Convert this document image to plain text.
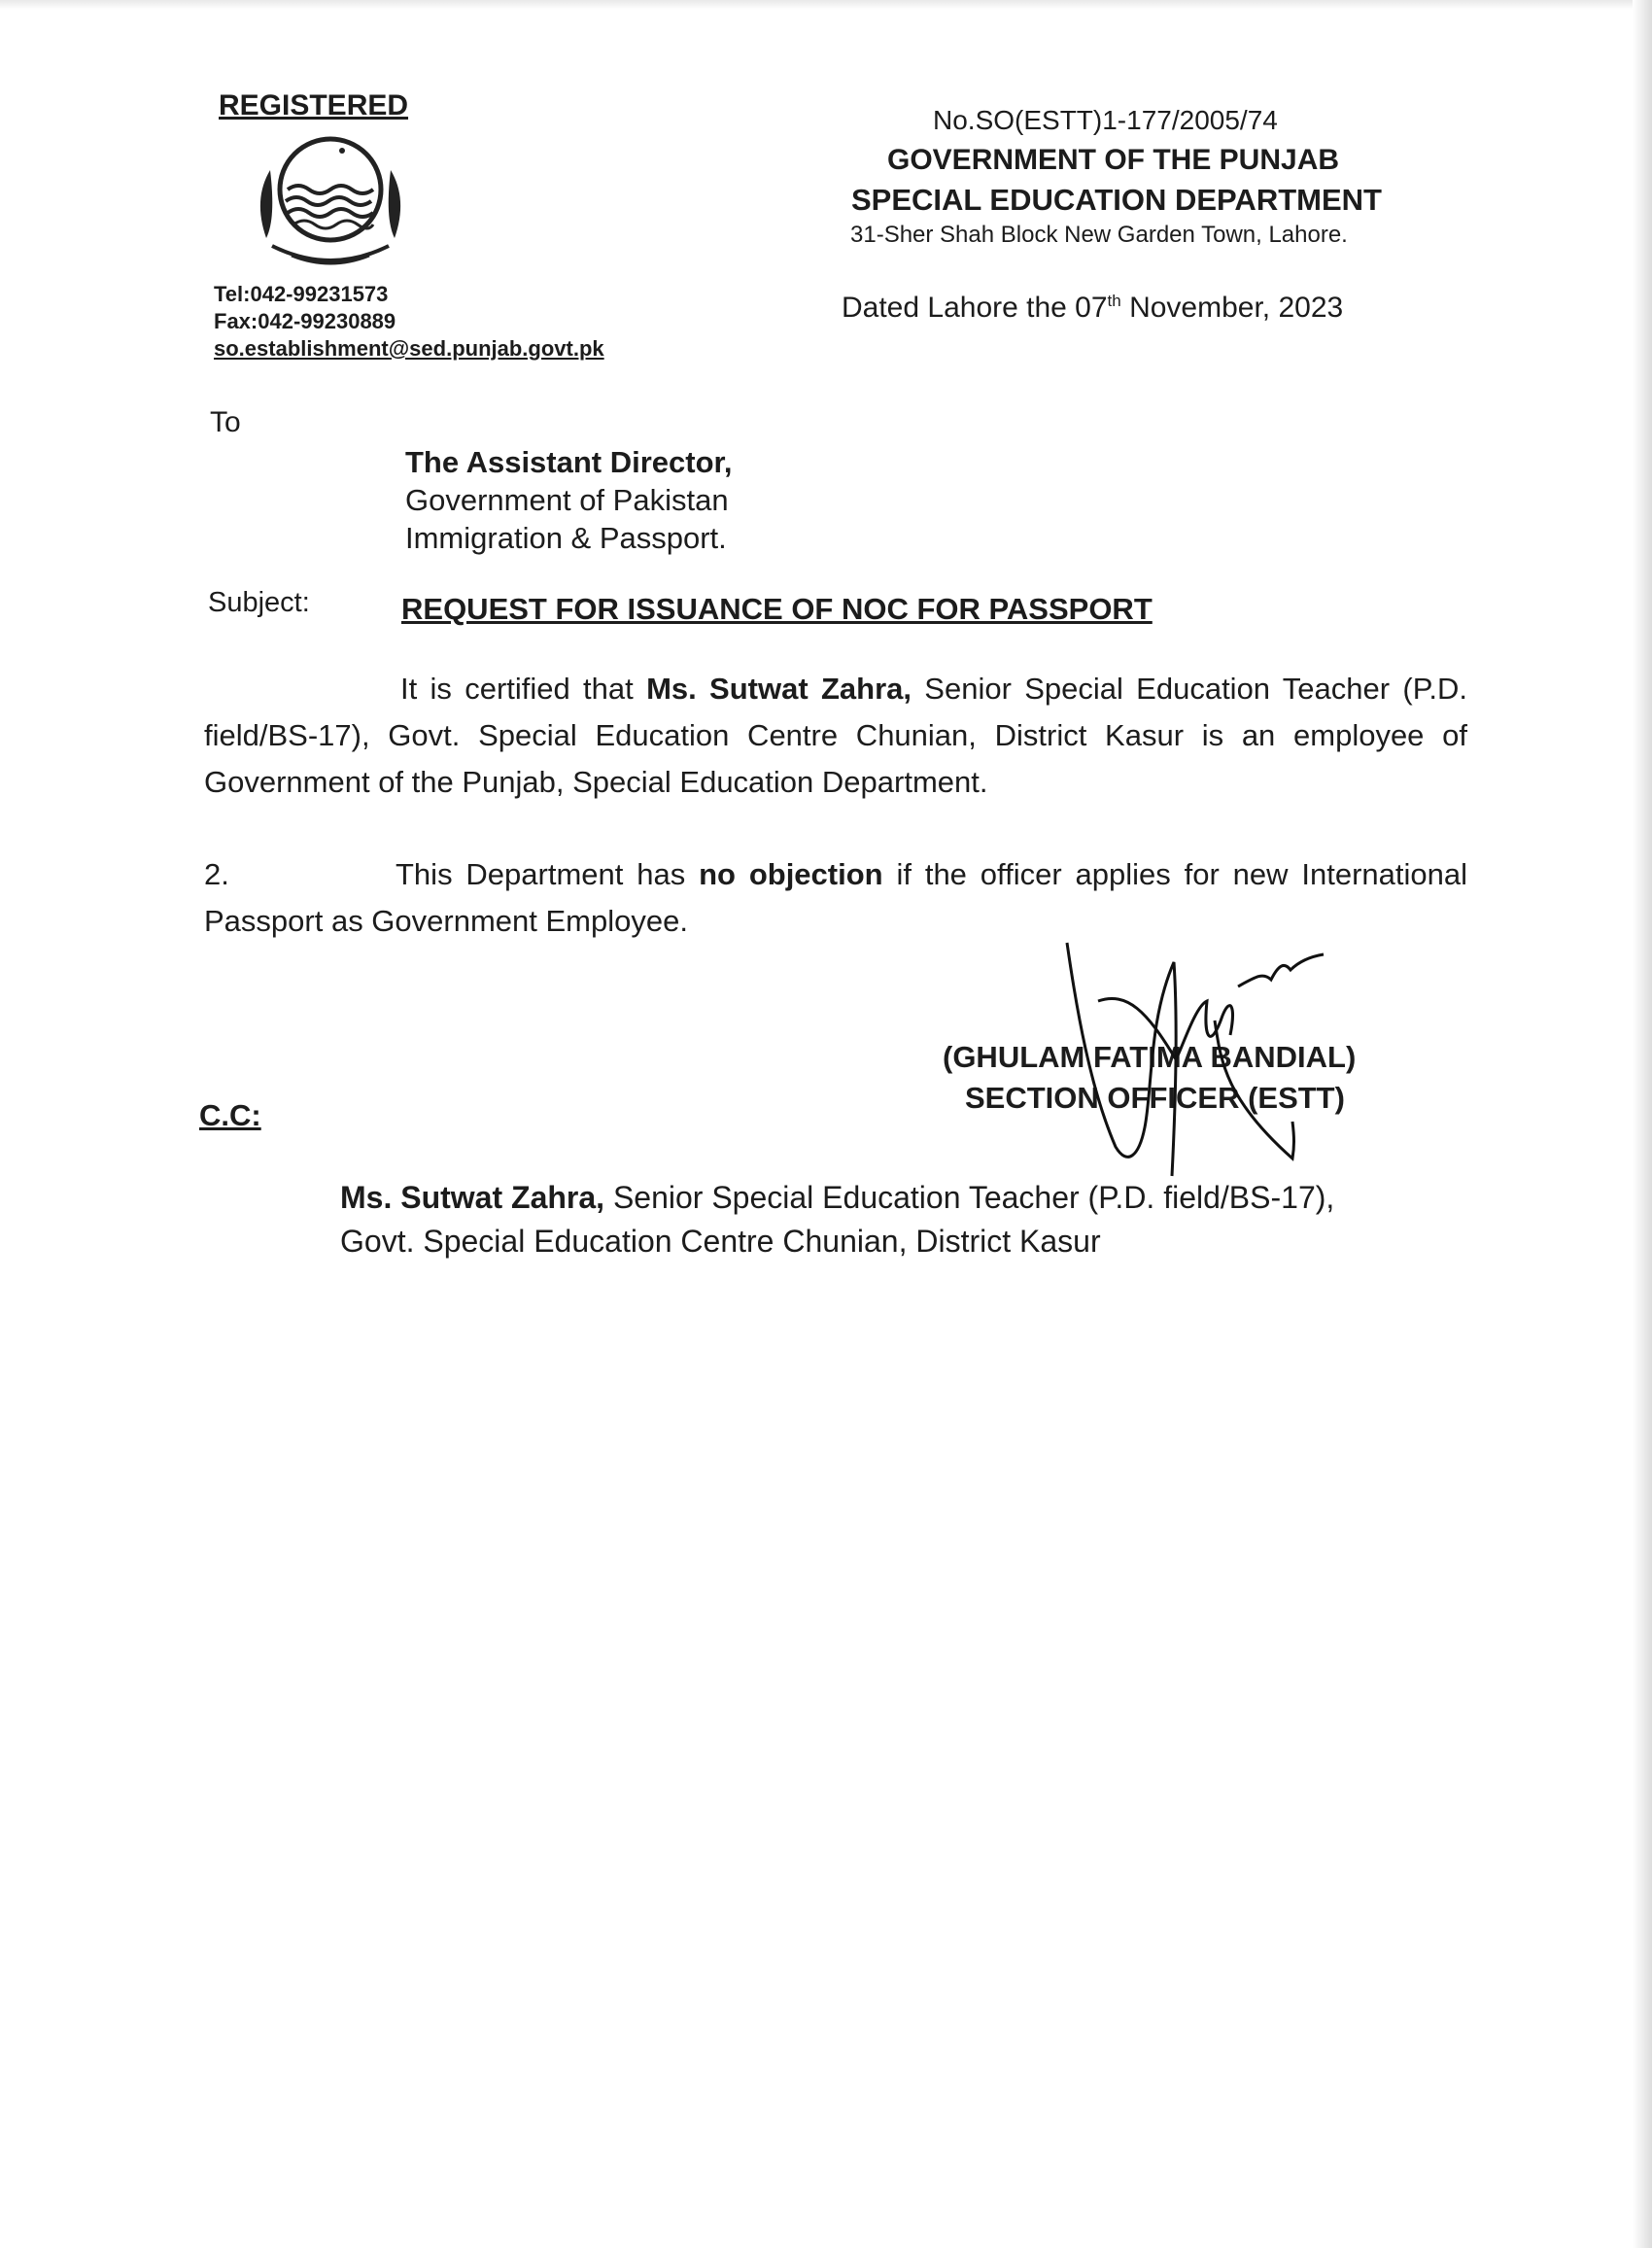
REGISTERED
Tel:042-99231573
Fax:042-99230889
so.establishment@sed.punjab.govt.pk
No.SO(ESTT)1-177/2005/74
GOVERNMENT OF THE PUNJAB
SPECIAL EDUCATION DEPARTMENT
31-Sher Shah Block New Garden Town, Lahore.
Dated Lahore the 07th November, 2023
To
The Assistant Director,
Government of Pakistan
Immigration & Passport.
Subject:	REQUEST FOR ISSUANCE OF NOC FOR PASSPORT

It is certified that Ms. Sutwat Zahra, Senior Special Education Teacher (P.D. field/BS-17), Govt. Special Education Centre Chunian, District Kasur is an employee of Government of the Punjab, Special Education Department.

2.	This Department has no objection if the officer applies for new International Passport as Government Employee.

(GHULAM FATIMA BANDIAL)
SECTION OFFICER (ESTT)
C.C:
Ms. Sutwat Zahra, Senior Special Education Teacher (P.D. field/BS-17),
Govt. Special Education Centre Chunian, District Kasur
